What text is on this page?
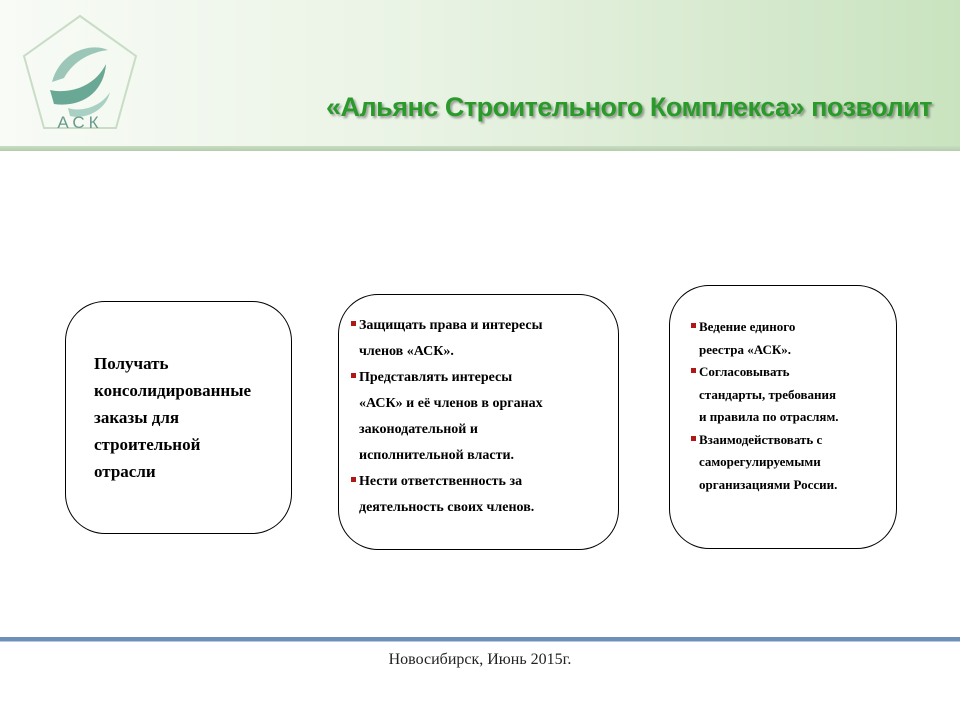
АСК
«Альянс Строительного Комплекса» позволит
Получать
консолидированные
заказы для
строительной
отрасли
Защищать права и интересы
членов «АСК».
Представлять интересы
«АСК» и её членов в органах
законодательной и
исполнительной власти.
Нести ответственность за
деятельность своих членов.
Ведение единого
реестра «АСК».
Согласовывать
стандарты, требования
и правила по отраслям.
Взаимодействовать с
саморегулируемыми
организациями России.
Новосибирск, Июнь 2015г.
